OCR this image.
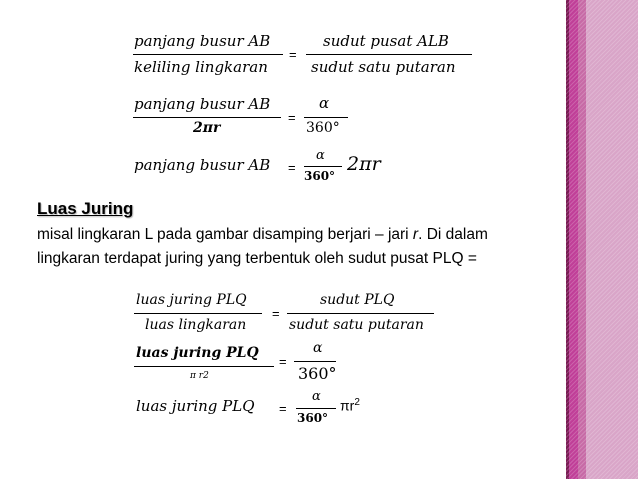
panjang busur AB
keliling lingkaran
=
sudut pusat ALB
sudut satu putaran
panjang busur AB
2πr
=
α
360°
panjang busur AB =
α
360°
2πr
Luas Juring
misal lingkaran L pada gambar disamping berjari – jari r. Di dalam
lingkaran terdapat juring yang terbentuk oleh sudut pusat PLQ =
luas juring PLQ
luas lingkaran
=
sudut PLQ
sudut satu putaran
luas juring PLQ
π r2
=
α
360°
luas juring PLQ =
α
360°
$\pi r^2$
